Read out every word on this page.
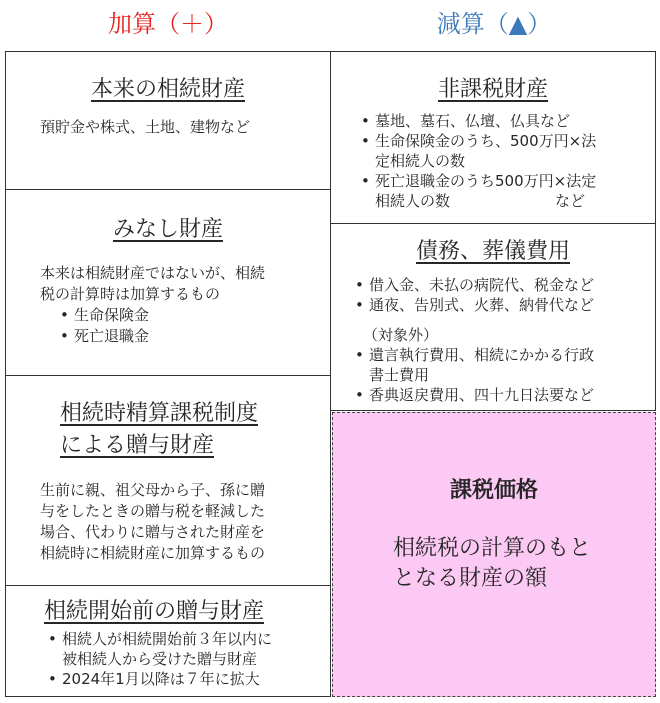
加算（＋）	減算（▲）
本来の相続財産
預貯金や株式、土地、建物など
みなし財産
本来は相続財産ではないが、相続
税の計算時は加算するもの
• 生命保険金
• 死亡退職金
相続時精算課税制度
による贈与財産
生前に親、祖父母から子、孫に贈
与をしたときの贈与税を軽減した
場合、代わりに贈与された財産を
相続時に相続財産に加算するもの
相続開始前の贈与財産
• 相続人が相続開始前３年以内に
被相続人から受けた贈与財産
• 2024年1月以降は７年に拡大
非課税財産
• 墓地、墓石、仏壇、仏具など
• 生命保険金のうち、500万円×法
定相続人の数
• 死亡退職金のうち500万円×法定
相続人の数　　　　　　　など
債務、葬儀費用
• 借入金、未払の病院代、税金など
• 通夜、告別式、火葬、納骨代など
（対象外）
• 遺言執行費用、相続にかかる行政
書士費用
• 香典返戻費用、四十九日法要など
課税価格
相続税の計算のもと
となる財産の額
